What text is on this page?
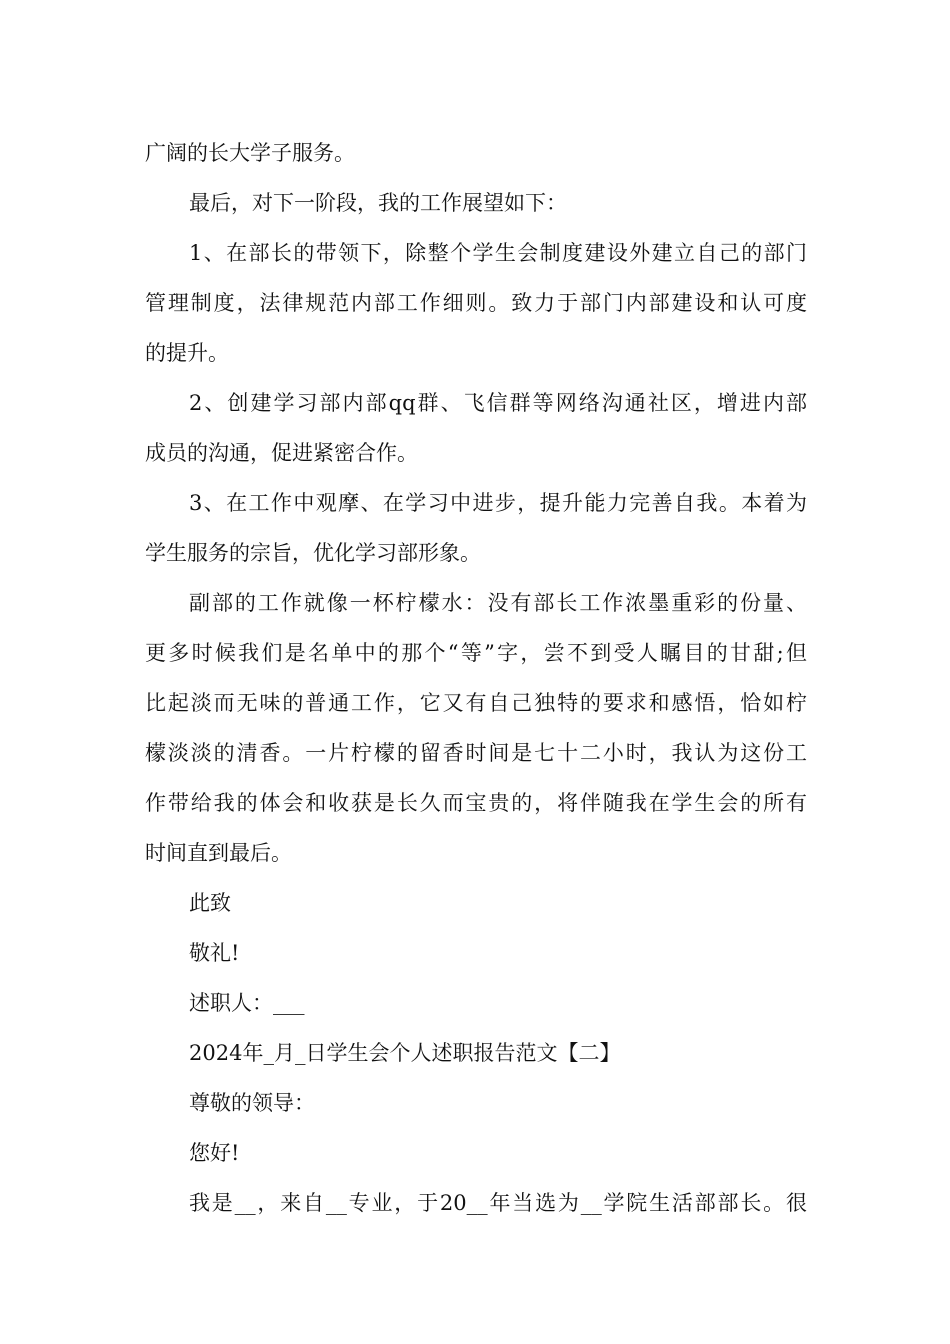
广阔的长大学子服务。
最后，对下一阶段，我的工作展望如下：
1、在部长的带领下，除整个学生会制度建设外建立自己的部门
管理制度，法律规范内部工作细则。致力于部门内部建设和认可度
的提升。
2、创建学习部内部qq群、飞信群等网络沟通社区，增进内部
成员的沟通，促进紧密合作。
3、在工作中观摩、在学习中进步，提升能力完善自我。本着为
学生服务的宗旨，优化学习部形象。
副部的工作就像一杯柠檬水：没有部长工作浓墨重彩的份量、
更多时候我们是名单中的那个“等”字，尝不到受人瞩目的甘甜;但
比起淡而无味的普通工作，它又有自己独特的要求和感悟，恰如柠
檬淡淡的清香。一片柠檬的留香时间是七十二小时，我认为这份工
作带给我的体会和收获是长久而宝贵的，将伴随我在学生会的所有
时间直到最后。
此致
敬礼!
述职人：___
2024年_月_日学生会个人述职报告范文【二】
尊敬的领导：
您好!
我是__，来自__专业，于20__年当选为__学院生活部部长。很
